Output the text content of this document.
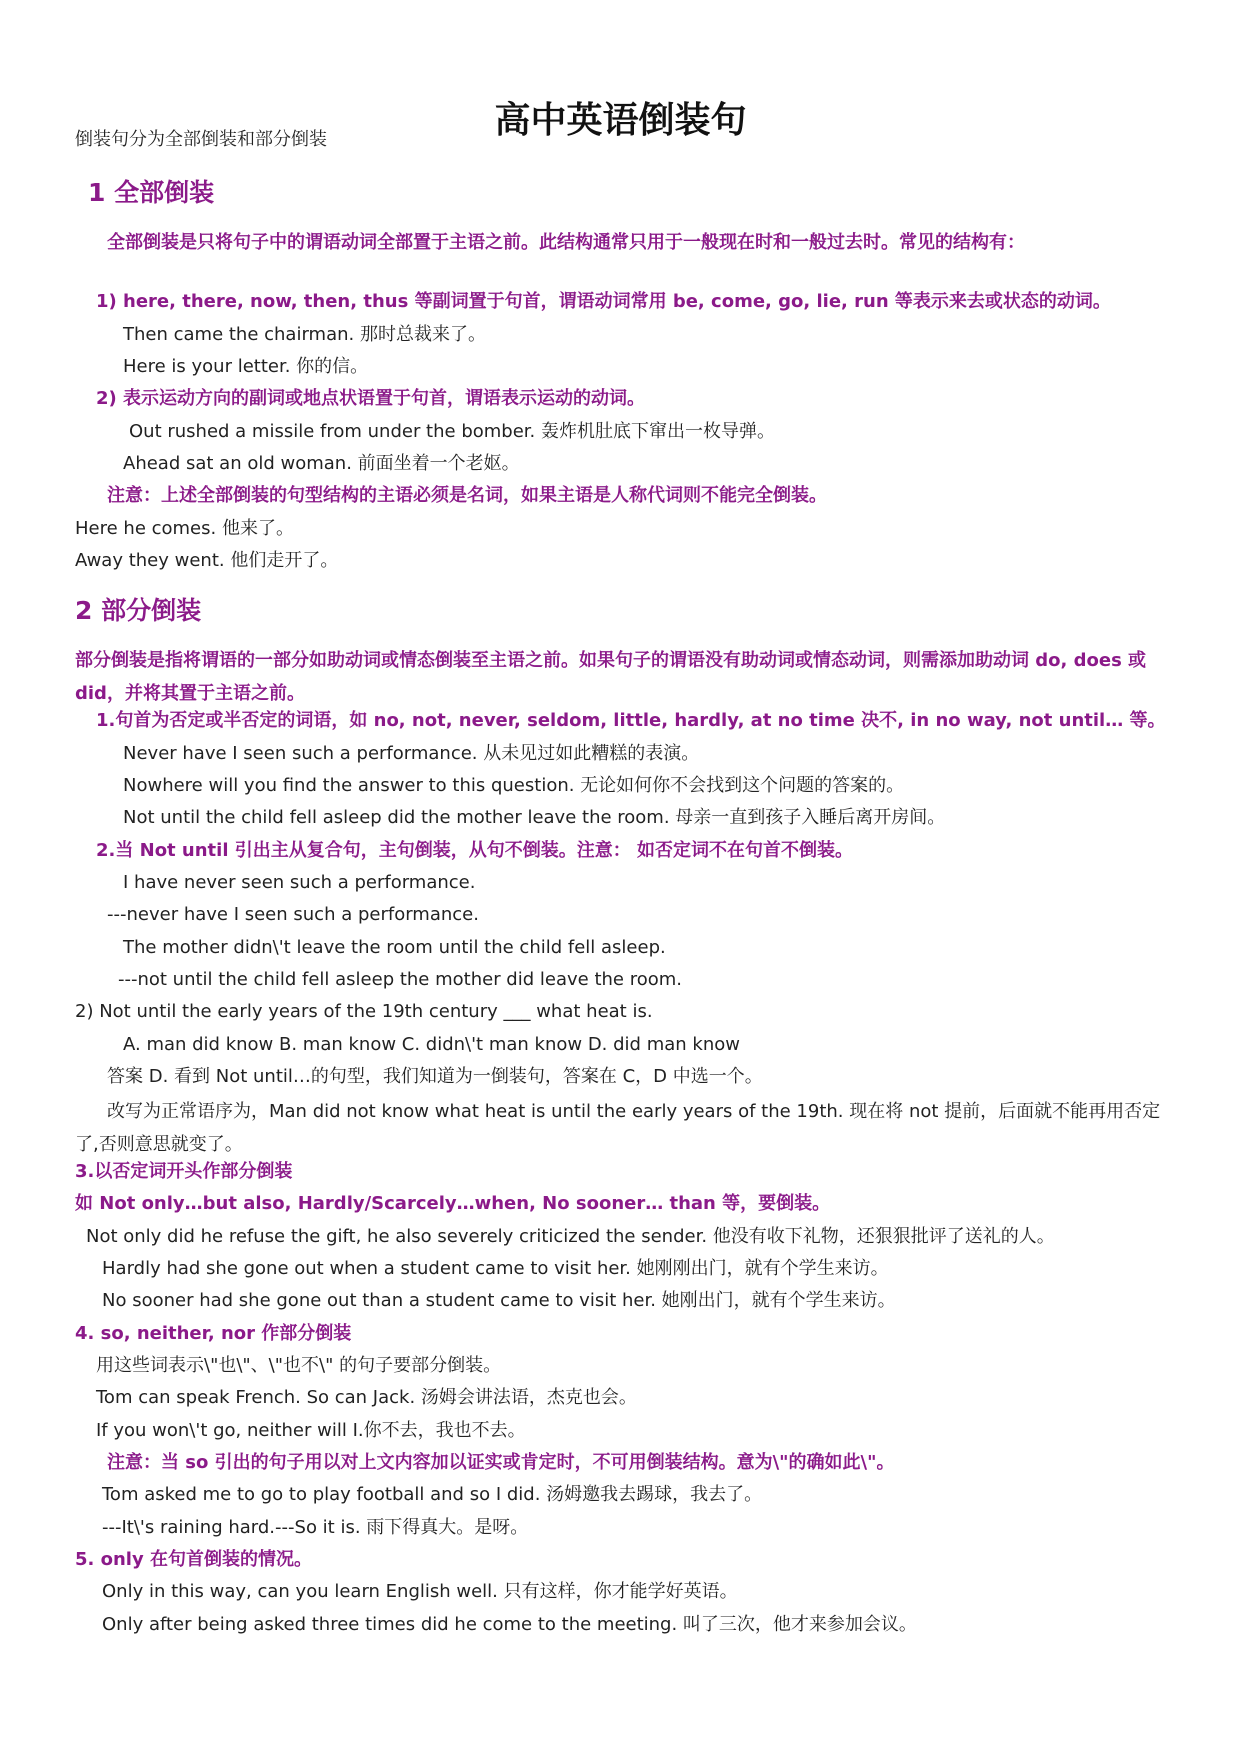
高中英语倒装句
倒装句分为全部倒装和部分倒装
1 全部倒装
全部倒装是只将句子中的谓语动词全部置于主语之前。此结构通常只用于一般现在时和一般过去时。常见的结构有：
1) here, there, now, then, thus 等副词置于句首，谓语动词常用 be, come, go, lie, run 等表示来去或状态的动词。
Then came the chairman. 那时总裁来了。
Here is your letter. 你的信。
2) 表示运动方向的副词或地点状语置于句首，谓语表示运动的动词。
Out rushed a missile from under the bomber. 轰炸机肚底下窜出一枚导弹。
Ahead sat an old woman. 前面坐着一个老妪。
注意：上述全部倒装的句型结构的主语必须是名词，如果主语是人称代词则不能完全倒装。
Here he comes. 他来了。
Away they went. 他们走开了。
2 部分倒装
部分倒装是指将谓语的一部分如助动词或情态倒装至主语之前。如果句子的谓语没有助动词或情态动词，则需添加助动词 do, does 或 did，并将其置于主语之前。
1.句首为否定或半否定的词语，如 no, not, never, seldom, little, hardly, at no time 决不, in no way, not until… 等。
Never have I seen such a performance. 从未见过如此糟糕的表演。
Nowhere will you find the answer to this question. 无论如何你不会找到这个问题的答案的。
Not until the child fell asleep did the mother leave the room. 母亲一直到孩子入睡后离开房间。
2.当 Not until 引出主从复合句，主句倒装，从句不倒装。注意： 如否定词不在句首不倒装。
I have never seen such a performance.
---never have I seen such a performance.
The mother didn\'t leave the room until the child fell asleep.
---not until the child fell asleep the mother did leave the room.
2) Not until the early years of the 19th century ___ what heat is.
A. man did know B. man know C. didn\'t man know D. did man know
答案 D. 看到 Not until…的句型，我们知道为一倒装句，答案在 C，D 中选一个。
改写为正常语序为，Man did not know what heat is until the early years of the 19th. 现在将 not 提前，后面就不能再用否定了,否则意思就变了。
3.以否定词开头作部分倒装
如 Not only…but also, Hardly/Scarcely…when, No sooner… than 等，要倒装。
Not only did he refuse the gift, he also severely criticized the sender. 他没有收下礼物，还狠狠批评了送礼的人。
Hardly had she gone out when a student came to visit her. 她刚刚出门，就有个学生来访。
No sooner had she gone out than a student came to visit her. 她刚出门，就有个学生来访。
4. so, neither, nor 作部分倒装
用这些词表示\"也\"、\"也不\" 的句子要部分倒装。
Tom can speak French. So can Jack. 汤姆会讲法语，杰克也会。
If you won\'t go, neither will I.你不去，我也不去。
注意：当 so 引出的句子用以对上文内容加以证实或肯定时，不可用倒装结构。意为\"的确如此\"。
Tom asked me to go to play football and so I did. 汤姆邀我去踢球，我去了。
---It\'s raining hard.---So it is. 雨下得真大。是呀。
5. only 在句首倒装的情况。
Only in this way, can you learn English well. 只有这样，你才能学好英语。
Only after being asked three times did he come to the meeting. 叫了三次，他才来参加会议。
